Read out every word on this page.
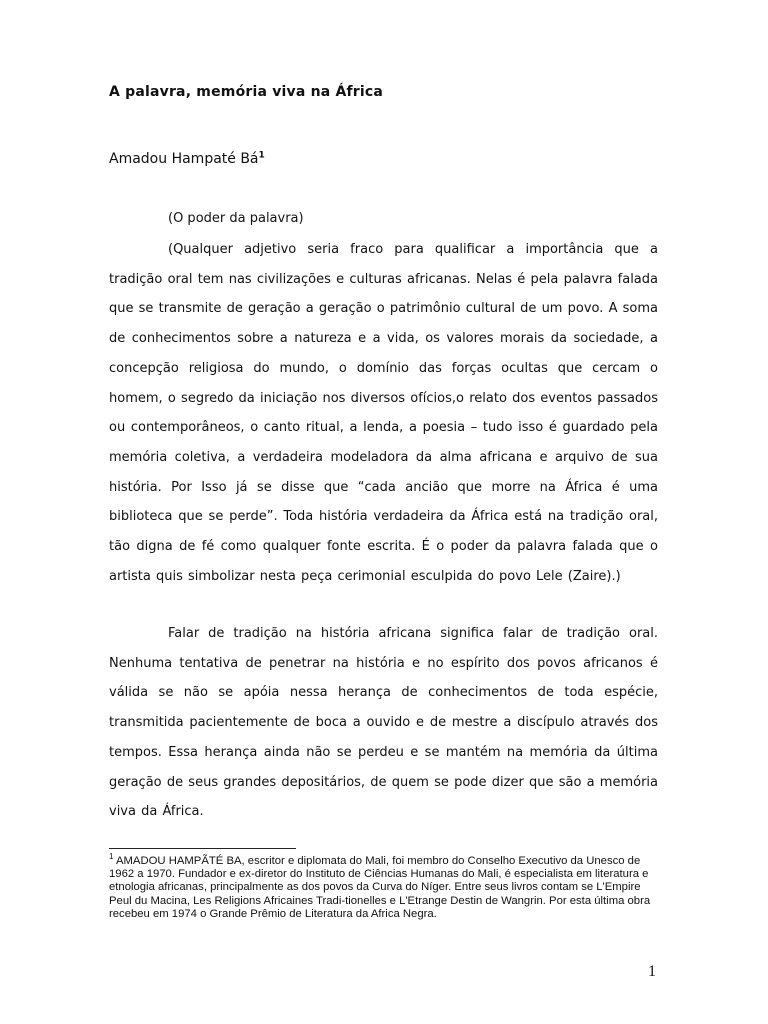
A palavra, memória viva na África

Amadou Hampaté $Bá^1$

(O poder da palavra)

(Qualquer adjetivo seria fraco para qualificar a importância que a tradição oral tem nas civilizações e culturas africanas. Nelas é pela palavra falada que se transmite de geração a geração o patrimônio cultural de um povo. A soma de conhecimentos sobre a natureza e a vida, os valores morais da sociedade, a concepção religiosa do mundo, o domínio das forças ocultas que cercam o homem, o segredo da iniciação nos diversos ofícios,o relato dos eventos passados ou contemporâneos, o canto ritual, a lenda, a poesia – tudo isso é guardado pela memória coletiva, a verdadeira modeladora da alma africana e arquivo de sua história. Por Isso já se disse que “cada ancião que morre na África é uma biblioteca que se perde”. Toda história verdadeira da África está na tradição oral, tão digna de fé como qualquer fonte escrita. É o poder da palavra falada que o artista quis simbolizar nesta peça cerimonial esculpida do povo Lele (Zaire).)

Falar de tradição na história africana significa falar de tradição oral. Nenhuma tentativa de penetrar na história e no espírito dos povos africanos é válida se não se apóia nessa herança de conhecimentos de toda espécie, transmitida pacientemente de boca a ouvido e de mestre a discípulo através dos tempos. Essa herança ainda não se perdeu e se mantém na memória da última geração de seus grandes depositários, de quem se pode dizer que são a memória viva da África.

$^1$ AMADOU HAMPÃTÉ BA, escritor e diplomata do Mali, foi membro do Conselho Executivo da Unesco de 1962 a 1970. Fundador e ex-diretor do Instituto de Ciências Humanas do Mali, é especialista em literatura e etnologia africanas, principalmente as dos povos da Curva do Níger. Entre seus livros contam se L'Empire Peul du Macina, Les Religions Africaines Tradi-tionelles e L'Etrange Destin de Wangrin. Por esta última obra recebeu em 1974 o Grande Prêmio de Literatura da Africa Negra.

1
